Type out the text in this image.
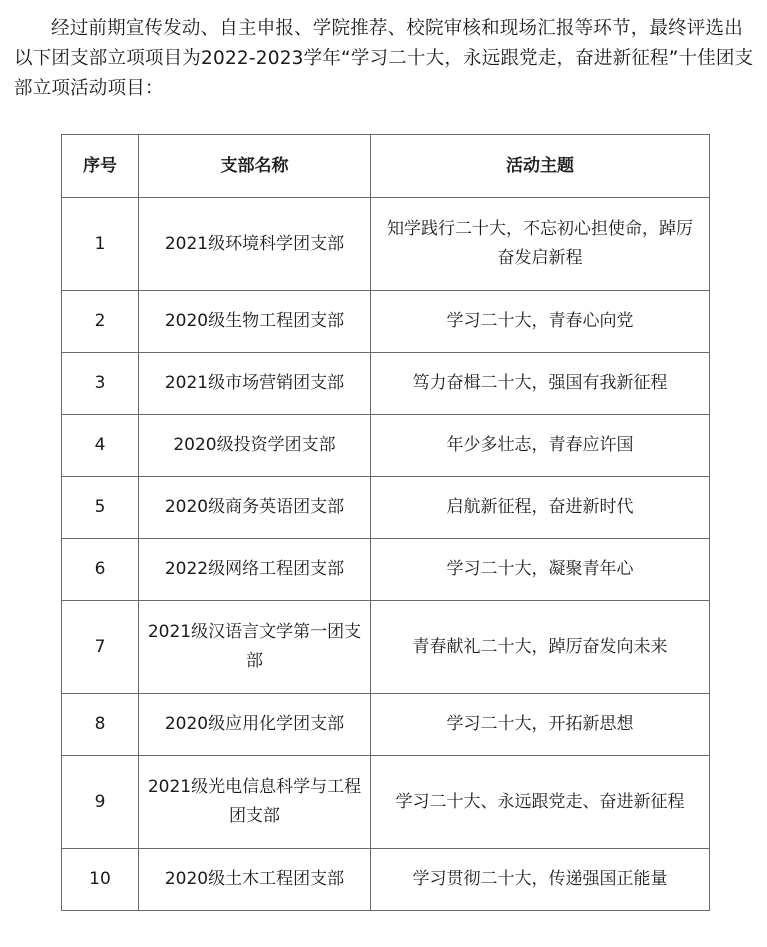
经过前期宣传发动、自主申报、学院推荐、校院审核和现场汇报等环节，最终评选出以下团支部立项项目为2022-2023学年“学习二十大，永远跟党走，奋进新征程”十佳团支部立项活动项目：

序号	支部名称	活动主题
1	2021级环境科学团支部	知学践行二十大，不忘初心担使命，踔厉奋发启新程
2	2020级生物工程团支部	学习二十大，青春心向党
3	2021级市场营销团支部	笃力奋楫二十大，强国有我新征程
4	2020级投资学团支部	年少多壮志，青春应许国
5	2020级商务英语团支部	启航新征程，奋进新时代
6	2022级网络工程团支部	学习二十大，凝聚青年心
7	2021级汉语言文学第一团支部	青春献礼二十大，踔厉奋发向未来
8	2020级应用化学团支部	学习二十大，开拓新思想
9	2021级光电信息科学与工程团支部	学习二十大、永远跟党走、奋进新征程
10	2020级土木工程团支部	学习贯彻二十大，传递强国正能量
